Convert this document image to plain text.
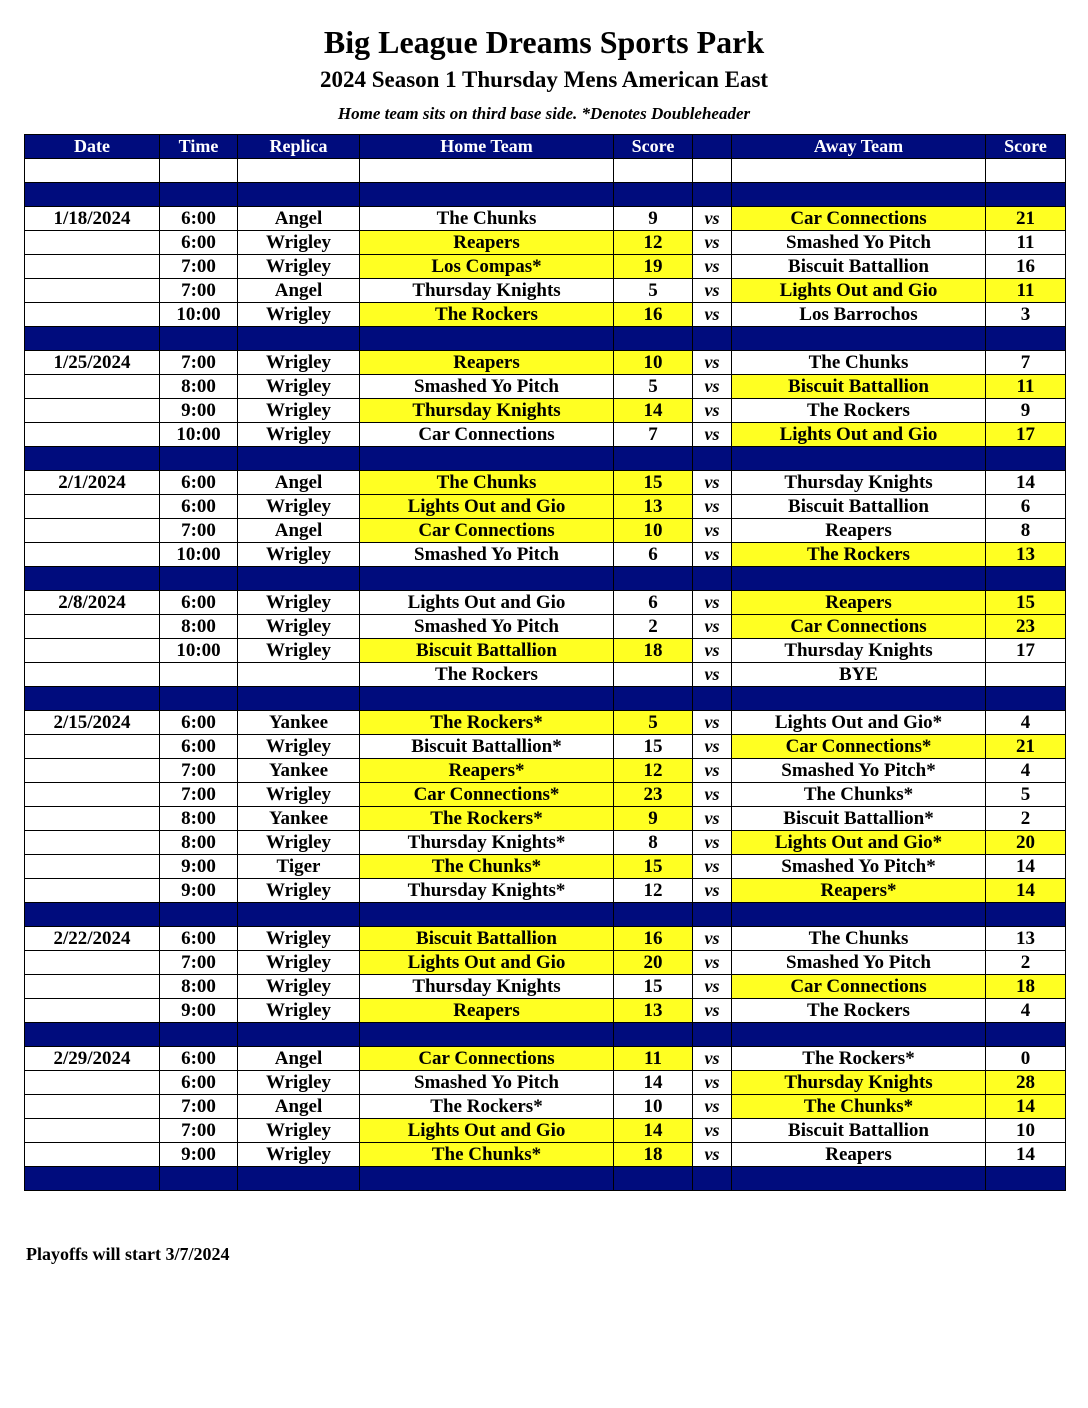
Big League Dreams Sports Park
2024 Season 1 Thursday Mens American East
Home team sits on third base side. *Denotes Doubleheader
Date	Time	Replica	Home Team	Score		Away Team	Score

1/18/2024	6:00	Angel	The Chunks	9	vs	Car Connections	21
	6:00	Wrigley	Reapers	12	vs	Smashed Yo Pitch	11
	7:00	Wrigley	Los Compas*	19	vs	Biscuit Battallion	16
	7:00	Angel	Thursday Knights	5	vs	Lights Out and Gio	11
	10:00	Wrigley	The Rockers	16	vs	Los Barrochos	3

1/25/2024	7:00	Wrigley	Reapers	10	vs	The Chunks	7
	8:00	Wrigley	Smashed Yo Pitch	5	vs	Biscuit Battallion	11
	9:00	Wrigley	Thursday Knights	14	vs	The Rockers	9
	10:00	Wrigley	Car Connections	7	vs	Lights Out and Gio	17

2/1/2024	6:00	Angel	The Chunks	15	vs	Thursday Knights	14
	6:00	Wrigley	Lights Out and Gio	13	vs	Biscuit Battallion	6
	7:00	Angel	Car Connections	10	vs	Reapers	8
	10:00	Wrigley	Smashed Yo Pitch	6	vs	The Rockers	13

2/8/2024	6:00	Wrigley	Lights Out and Gio	6	vs	Reapers	15
	8:00	Wrigley	Smashed Yo Pitch	2	vs	Car Connections	23
	10:00	Wrigley	Biscuit Battallion	18	vs	Thursday Knights	17
			The Rockers		vs	BYE	

2/15/2024	6:00	Yankee	The Rockers*	5	vs	Lights Out and Gio*	4
	6:00	Wrigley	Biscuit Battallion*	15	vs	Car Connections*	21
	7:00	Yankee	Reapers*	12	vs	Smashed Yo Pitch*	4
	7:00	Wrigley	Car Connections*	23	vs	The Chunks*	5
	8:00	Yankee	The Rockers*	9	vs	Biscuit Battallion*	2
	8:00	Wrigley	Thursday Knights*	8	vs	Lights Out and Gio*	20
	9:00	Tiger	The Chunks*	15	vs	Smashed Yo Pitch*	14
	9:00	Wrigley	Thursday Knights*	12	vs	Reapers*	14

2/22/2024	6:00	Wrigley	Biscuit Battallion	16	vs	The Chunks	13
	7:00	Wrigley	Lights Out and Gio	20	vs	Smashed Yo Pitch	2
	8:00	Wrigley	Thursday Knights	15	vs	Car Connections	18
	9:00	Wrigley	Reapers	13	vs	The Rockers	4

2/29/2024	6:00	Angel	Car Connections	11	vs	The Rockers*	0
	6:00	Wrigley	Smashed Yo Pitch	14	vs	Thursday Knights	28
	7:00	Angel	The Rockers*	10	vs	The Chunks*	14
	7:00	Wrigley	Lights Out and Gio	14	vs	Biscuit Battallion	10
	9:00	Wrigley	The Chunks*	18	vs	Reapers	14

Playoffs will start 3/7/2024
